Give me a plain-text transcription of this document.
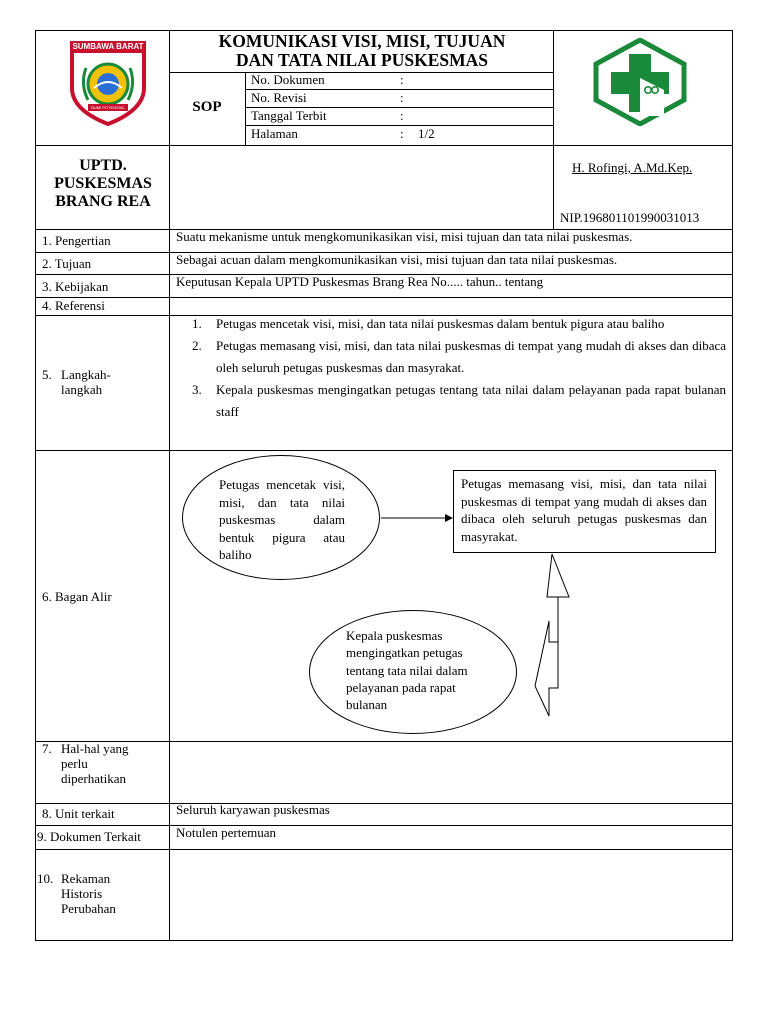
SUMBAWA BARAT
BUMI POTENSIAL
KOMUNIKASI VISI, MISI, TUJUAN
DAN TATA NILAI PUSKESMAS
SOP
No. Dokumen	:
No. Revisi	:
Tanggal Terbit	:
Halaman	: 1/2
UPTD.
PUSKESMAS
BRANG REA
H. Rofingi, A.Md.Kep.
NIP.196801101990031013
1. Pengertian	Suatu mekanisme untuk mengkomunikasikan visi, misi tujuan dan tata nilai puskesmas.
2. Tujuan	Sebagai acuan dalam mengkomunikasikan visi, misi tujuan dan tata nilai puskesmas.
3. Kebijakan	Keputusan Kepala UPTD Puskesmas Brang Rea No..... tahun.. tentang
4. Referensi
5. Langkah-
langkah
1. Petugas mencetak visi, misi, dan tata nilai puskesmas dalam bentuk pigura atau baliho
2. Petugas memasang visi, misi, dan tata nilai puskesmas di tempat yang mudah di akses dan dibaca oleh seluruh petugas puskesmas dan masyrakat.
3. Kepala puskesmas mengingatkan petugas tentang tata nilai dalam pelayanan pada rapat bulanan staff
6. Bagan Alir
Petugas mencetak visi, misi, dan tata nilai puskesmas dalam bentuk pigura atau baliho
Petugas memasang visi, misi, dan tata nilai puskesmas di tempat yang mudah di akses dan dibaca oleh seluruh petugas puskesmas dan masyrakat.
Kepala puskesmas mengingatkan petugas tentang tata nilai dalam pelayanan pada rapat bulanan
7. Hal-hal yang
perlu
diperhatikan
8. Unit terkait	Seluruh karyawan puskesmas
9. Dokumen Terkait	Notulen pertemuan
10. Rekaman
Historis
Perubahan
